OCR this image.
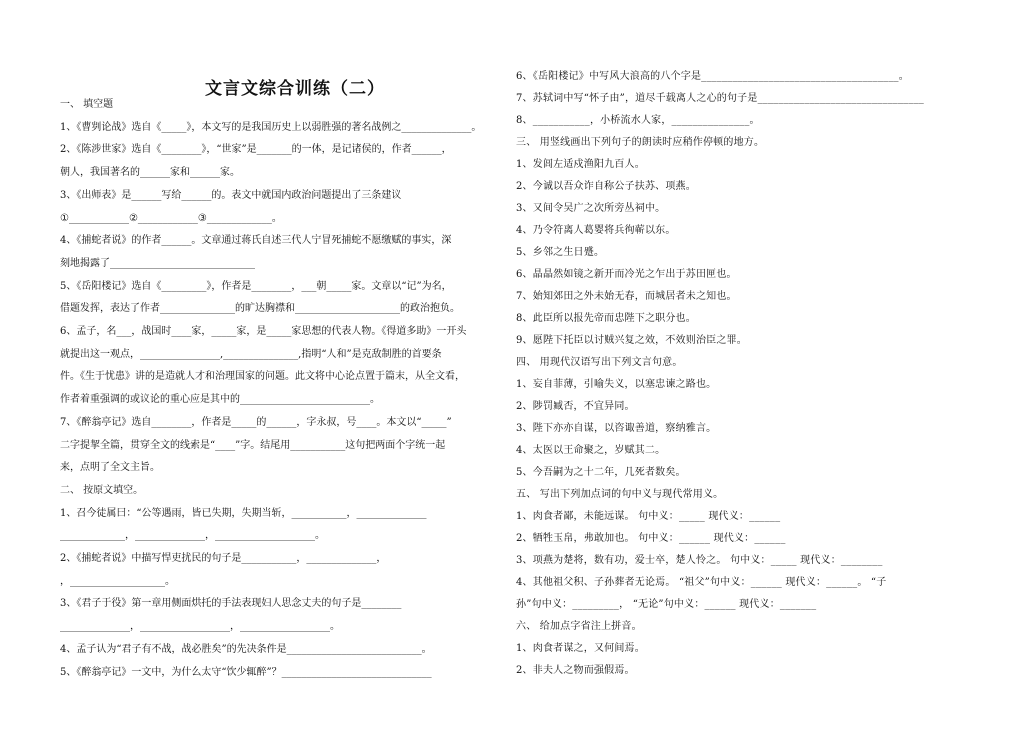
文言文综合训练（二）
一、 填空题
1、《曹刿论战》选自《_____》，本文写的是我国历史上以弱胜强的著名战例之______________。
2、《陈涉世家》选自《________》，“世家”是_______的一体，是记诸侯的，作者______，
朝人，我国著名的______家和______家。
3、《出师表》是______写给______的。表文中就国内政治问题提出了三条建议
①____________②____________③_____________。
4、《捕蛇者说》的作者______。文章通过蒋氏自述三代人宁冒死捕蛇不愿缴赋的事实，深
刻地揭露了_____________________________
5、《岳阳楼记》选自《_________》，作者是________，___朝_____家。文章以“记”为名，
借题发挥，表达了作者_______________的旷达胸襟和_____________________的政治抱负。
6、孟子，名___，战国时____家，_____家，是_____家思想的代表人物。《得道多助》一开头
就提出这一观点，________________,_______________,指明“人和”是克敌制胜的首要条
件。《生于忧患》讲的是造就人才和治理国家的问题。此文将中心论点置于篇末，从全文看，
作者着重强调的或议论的重心应是其中的__________________________。
7、《醉翁亭记》选自________，作者是_____的______，字永叔，号____。本文以“_____”
二字提挈全篇，贯穿全文的线索是“____”字。结尾用___________这句把两面个字统一起
来，点明了全文主旨。
二、 按原文填空。
1、召今徒属曰：“公等遇雨，皆已失期，失期当斩，___________，______________
_____________，______________，____________________。
2、《捕蛇者说》中描写悍吏扰民的句子是___________，______________，
，___________________。
3、《君子于役》第一章用侧面烘托的手法表现妇人思念丈夫的句子是________
______________，__________________，__________________。
4、孟子认为“君子有不战，战必胜矣”的先决条件是___________________________。
5、《醉翁亭记》一文中，为什么太守“饮少辄醉”？______________________________
6、《岳阳楼记》中写风大浪高的八个字是______________________________________。
7、苏轼词中写“怀子由”，道尽千载离人之心的句子是________________________________
8、___________，小桥流水人家，_______________。
三、 用竖线画出下列句子的朗读时应稍作停顿的地方。
1、发闾左适戍渔阳九百人。
2、今诚以吾众诈自称公子扶苏、项燕。
3、又间令吴广之次所旁丛祠中。
4、乃令符离人葛婴将兵徇蕲以东。
5、乡邻之生日蹙。
6、晶晶然如镜之新开而冷光之乍出于苏田匣也。
7、始知郊田之外未始无春，而城居者未之知也。
8、此臣所以报先帝而忠陛下之职分也。
9、愿陛下托臣以讨贼兴复之效，不效则治臣之罪。
四、 用现代汉语写出下列文言句意。
1、妄自菲薄，引喻失义，以塞忠谏之路也。
2、陟罚臧否，不宜异同。
3、陛下亦亦自谋，以咨诹善道，察纳雅言。
4、太医以王命聚之，岁赋其二。
5、今吾嗣为之十二年，几死者数矣。
五、 写出下列加点词的句中义与现代常用义。
1、肉食者鄙，未能远谋。 句中义：_____ 现代义：______
2、牺牲玉帛，弗敢加也。 句中义：______ 现代义：______
3、项燕为楚将，数有功，爱士卒，楚人怜之。 句中义：_____ 现代义：________
4、其他祖父积、子孙葬者无论焉。 “祖父”句中义：______ 现代义：______。 “子
孙”句中义：_________， “无论”句中义：______ 现代义：_______
六、 给加点字省注上拼音。
1、肉食者谋之，又何间焉。
2、非夫人之物而强假焉。
